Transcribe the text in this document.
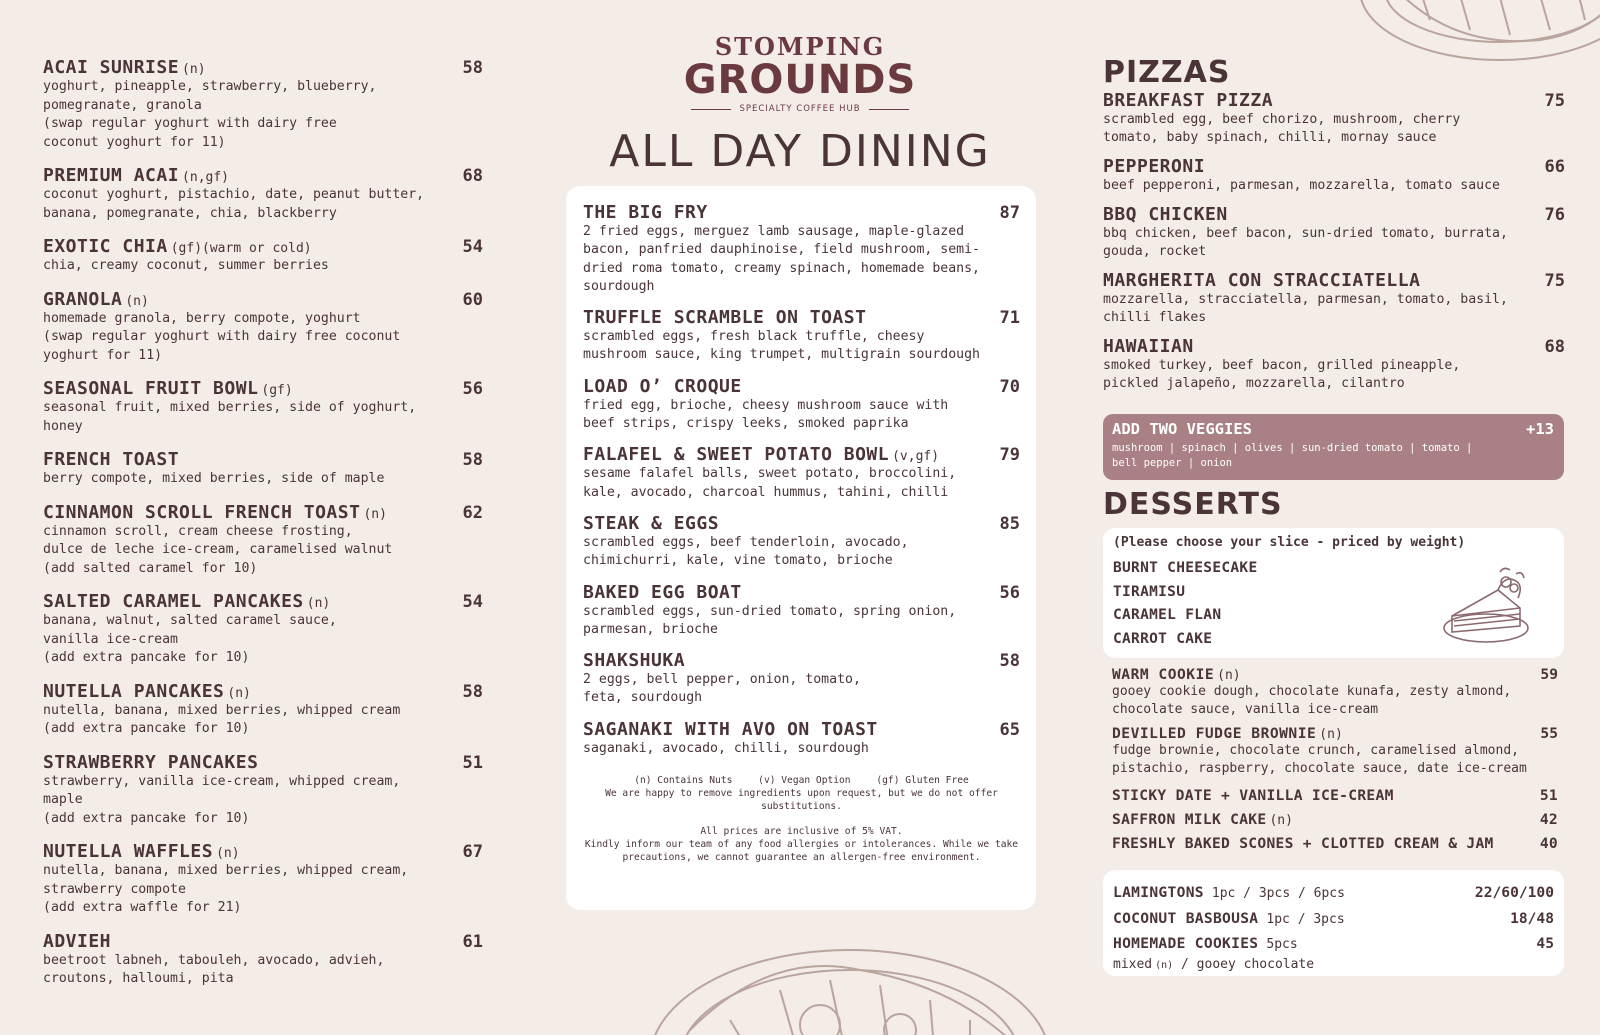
ACAI SUNRISE (n)	58
yoghurt, pineapple, strawberry, blueberry,
pomegranate, granola
(swap regular yoghurt with dairy free
coconut yoghurt for 11)
PREMIUM ACAI (n,gf)	68
coconut yoghurt, pistachio, date, peanut butter,
banana, pomegranate, chia, blackberry
EXOTIC CHIA (gf)(warm or cold)	54
chia, creamy coconut, summer berries
GRANOLA (n)	60
homemade granola, berry compote, yoghurt
(swap regular yoghurt with dairy free coconut
yoghurt for 11)
SEASONAL FRUIT BOWL (gf)	56
seasonal fruit, mixed berries, side of yoghurt,
honey
FRENCH TOAST	58
berry compote, mixed berries, side of maple
CINNAMON SCROLL FRENCH TOAST (n)	62
cinnamon scroll, cream cheese frosting,
dulce de leche ice-cream, caramelised walnut
(add salted caramel for 10)
SALTED CARAMEL PANCAKES (n)	54
banana, walnut, salted caramel sauce,
vanilla ice-cream
(add extra pancake for 10)
NUTELLA PANCAKES (n)	58
nutella, banana, mixed berries, whipped cream
(add extra pancake for 10)
STRAWBERRY PANCAKES	51
strawberry, vanilla ice-cream, whipped cream,
maple
(add extra pancake for 10)
NUTELLA WAFFLES (n)	67
nutella, banana, mixed berries, whipped cream,
strawberry compote
(add extra waffle for 21)
ADVIEH	61
beetroot labneh, tabouleh, avocado, advieh,
croutons, halloumi, pita
STOMPING
GROUNDS
SPECIALTY COFFEE HUB
ALL DAY DINING
THE BIG FRY	87
2 fried eggs, merguez lamb sausage, maple-glazed
bacon, panfried dauphinoise, field mushroom, semi-
dried roma tomato, creamy spinach, homemade beans,
sourdough
TRUFFLE SCRAMBLE ON TOAST	71
scrambled eggs, fresh black truffle, cheesy
mushroom sauce, king trumpet, multigrain sourdough
LOAD O’ CROQUE	70
fried egg, brioche, cheesy mushroom sauce with
beef strips, crispy leeks, smoked paprika
FALAFEL & SWEET POTATO BOWL (v,gf)	79
sesame falafel balls, sweet potato, broccolini,
kale, avocado, charcoal hummus, tahini, chilli
STEAK & EGGS	85
scrambled eggs, beef tenderloin, avocado,
chimichurri, kale, vine tomato, brioche
BAKED EGG BOAT	56
scrambled eggs, sun-dried tomato, spring onion,
parmesan, brioche
SHAKSHUKA	58
2 eggs, bell pepper, onion, tomato,
feta, sourdough
SAGANAKI WITH AVO ON TOAST	65
saganaki, avocado, chilli, sourdough

(n) Contains Nuts	(v) Vegan Option	(gf) Gluten Free
We are happy to remove ingredients upon request, but we do not offer substitutions.

All prices are inclusive of 5% VAT.
Kindly inform our team of any food allergies or intolerances. While we take precautions, we cannot guarantee an allergen-free environment.

PIZZAS
BREAKFAST PIZZA	75
scrambled egg, beef chorizo, mushroom, cherry
tomato, baby spinach, chilli, mornay sauce
PEPPERONI	66
beef pepperoni, parmesan, mozzarella, tomato sauce
BBQ CHICKEN	76
bbq chicken, beef bacon, sun-dried tomato, burrata,
gouda, rocket
MARGHERITA CON STRACCIATELLA	75
mozzarella, stracciatella, parmesan, tomato, basil,
chilli flakes
HAWAIIAN	68
smoked turkey, beef bacon, grilled pineapple,
pickled jalapeño, mozzarella, cilantro
ADD TWO VEGGIES	+13
mushroom | spinach | olives | sun-dried tomato | tomato |
bell pepper | onion
DESSERTS
(Please choose your slice - priced by weight)
BURNT CHEESECAKE
TIRAMISU
CARAMEL FLAN
CARROT CAKE
WARM COOKIE (n)	59
gooey cookie dough, chocolate kunafa, zesty almond,
chocolate sauce, vanilla ice-cream
DEVILLED FUDGE BROWNIE (n)	55
fudge brownie, chocolate crunch, caramelised almond,
pistachio, raspberry, chocolate sauce, date ice-cream
STICKY DATE + VANILLA ICE-CREAM	51
SAFFRON MILK CAKE (n)	42
FRESHLY BAKED SCONES + CLOTTED CREAM & JAM	40
LAMINGTONS 1pc / 3pcs / 6pcs	22/60/100
COCONUT BASBOUSA 1pc / 3pcs	18/48
HOMEMADE COOKIES 5pcs	45
mixed (n) / gooey chocolate
